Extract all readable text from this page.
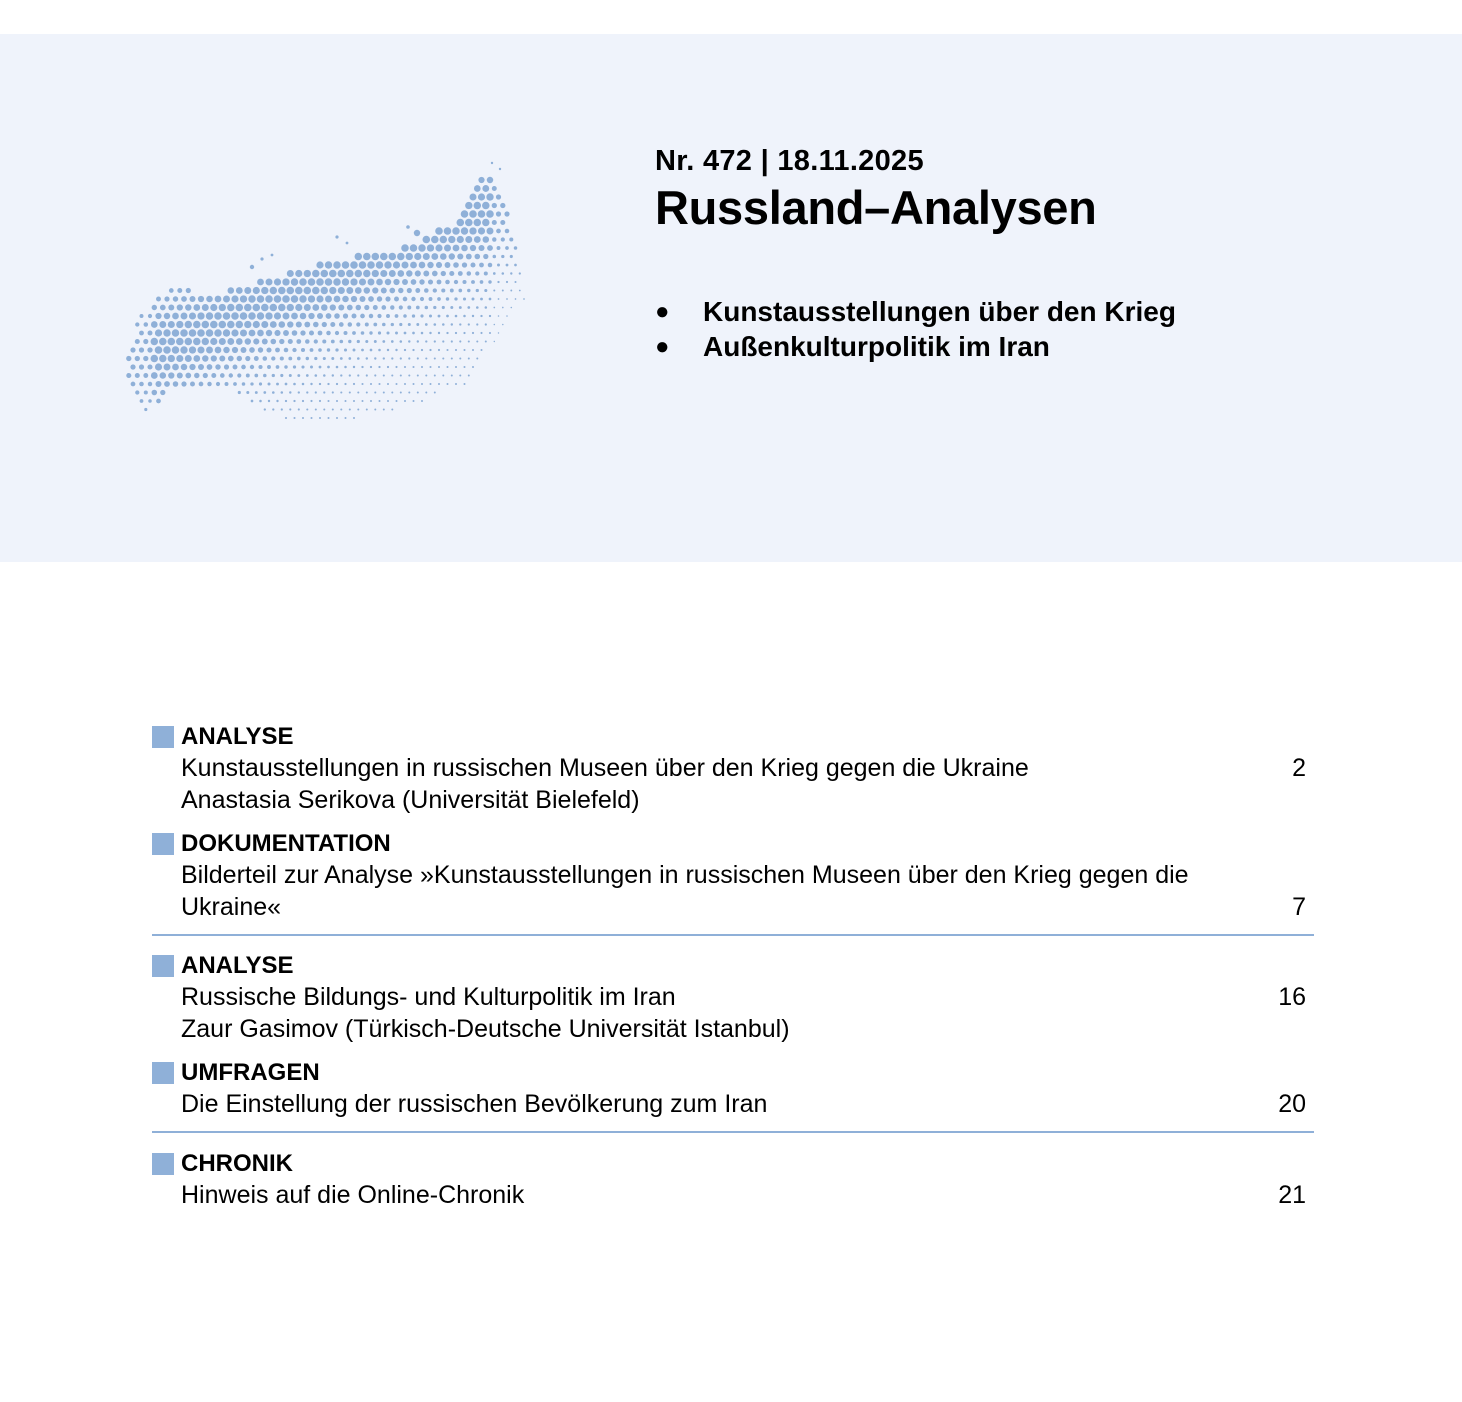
Nr. 472 | 18.11.2025
Russland–Analysen
● Kunstausstellungen über den Krieg
● Außenkulturpolitik im Iran
ANALYSE
2
Kunstausstellungen in russischen Museen über den Krieg gegen die Ukraine
Anastasia Serikova (Universität Bielefeld)
DOKUMENTATION
7
Bilderteil zur Analyse »Kunstausstellungen in russischen Museen über den Krieg gegen die Ukraine«
ANALYSE
16
Russische Bildungs- und Kulturpolitik im Iran
Zaur Gasimov (Türkisch-Deutsche Universität Istanbul)
UMFRAGEN
20
Die Einstellung der russischen Bevölkerung zum Iran
CHRONIK
21
Hinweis auf die Online-Chronik
